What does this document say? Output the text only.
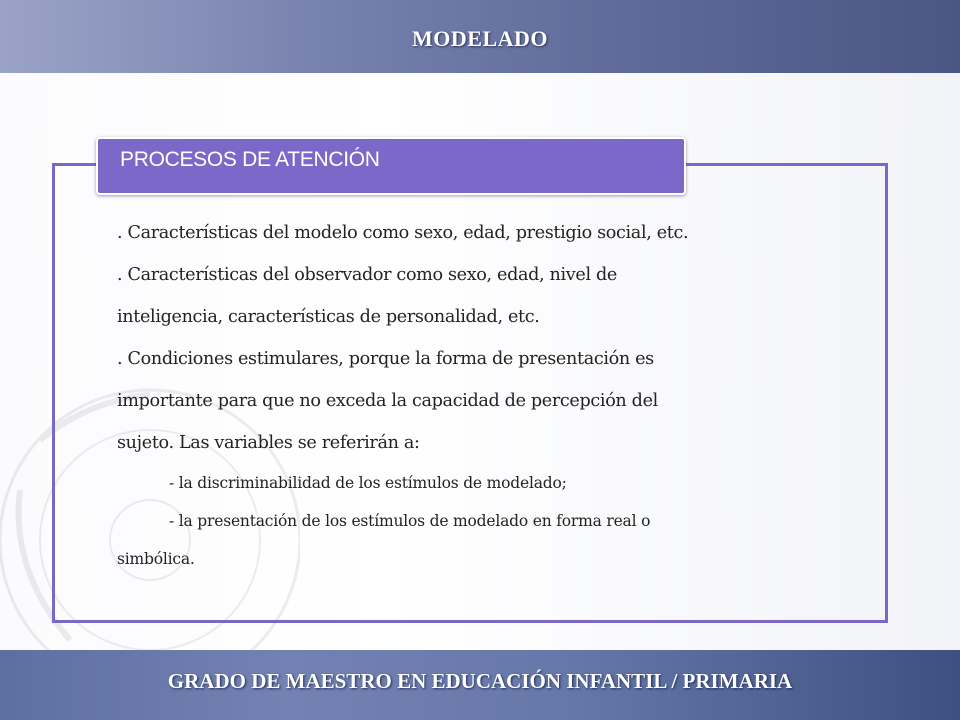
MODELADO
PROCESOS DE ATENCIÓN

. Características del modelo como sexo, edad, prestigio social, etc.

. Características del observador como sexo, edad, nivel de

inteligencia, características de personalidad, etc.

. Condiciones estimulares, porque la forma de presentación es

importante para que no exceda la capacidad de percepción del

sujeto. Las variables se referirán a:

- la discriminabilidad de los estímulos de modelado;

- la presentación de los estímulos de modelado en forma real o

simbólica.

GRADO DE MAESTRO EN EDUCACIÓN INFANTIL / PRIMARIA
